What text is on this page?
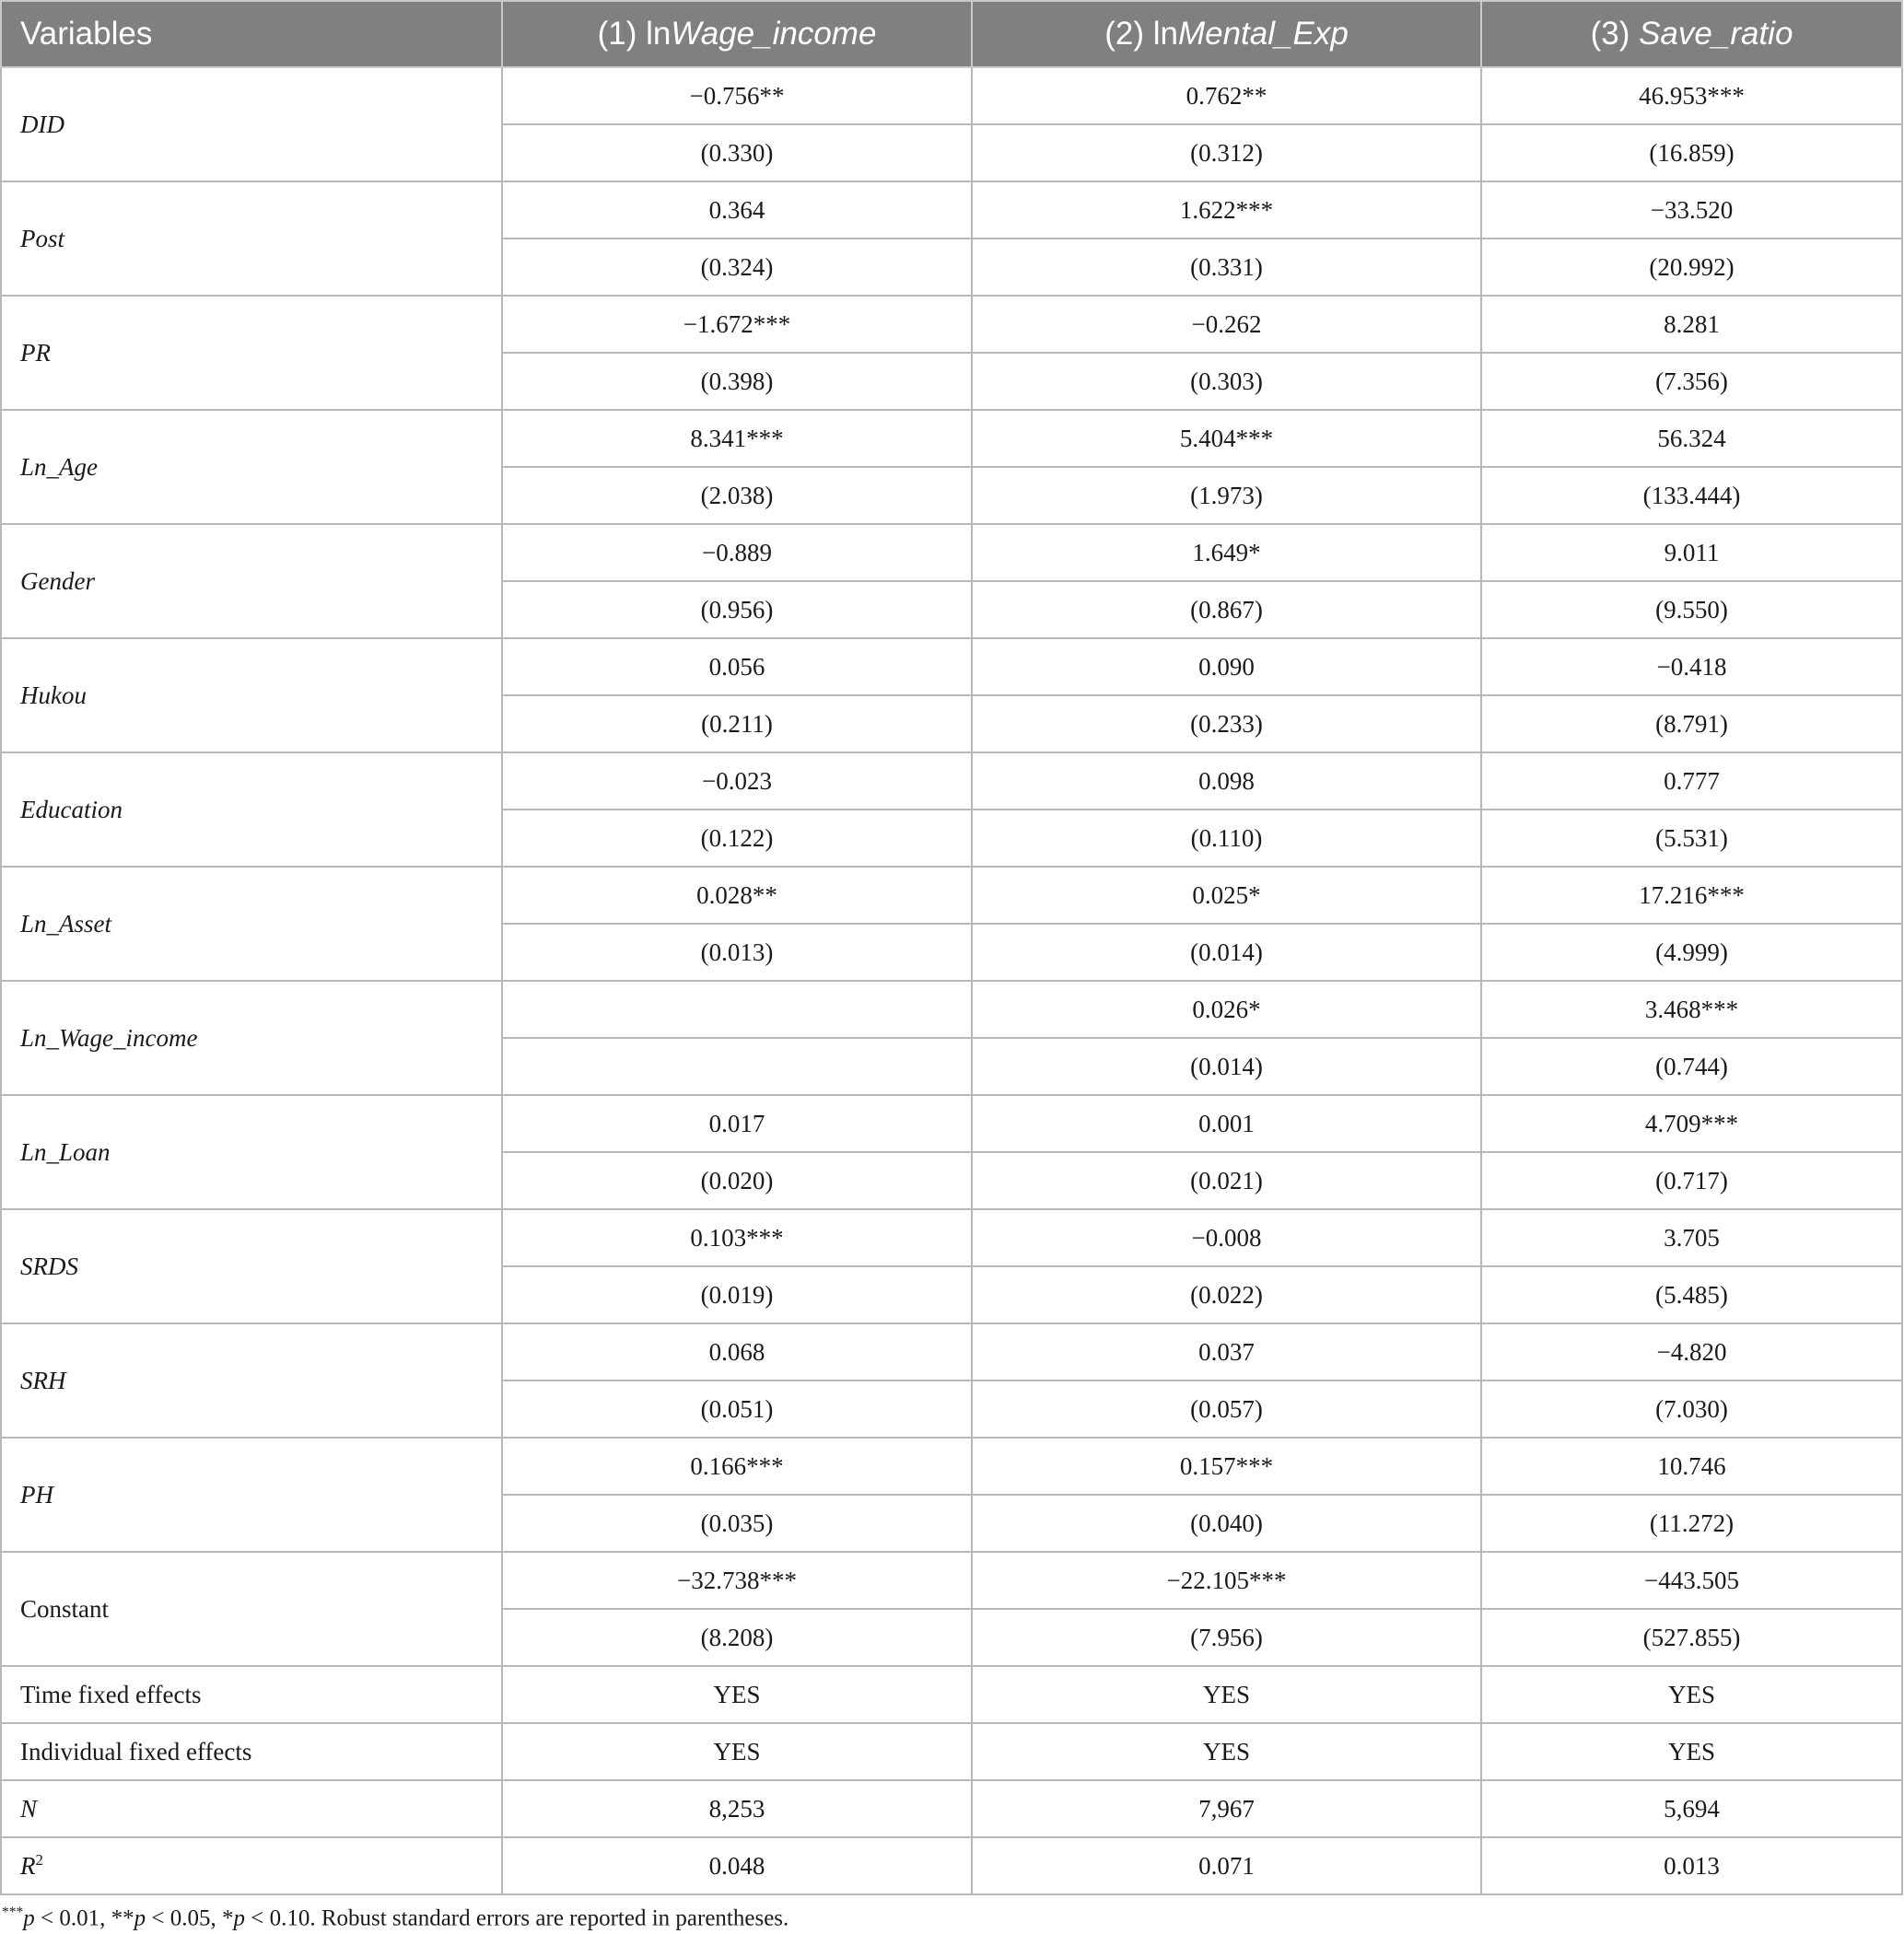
Variables	(1) lnWage_income	(2) lnMental_Exp	(3) Save_ratio
DID	−0.756**	0.762**	46.953***
	(0.330)	(0.312)	(16.859)
Post	0.364	1.622***	−33.520
	(0.324)	(0.331)	(20.992)
PR	−1.672***	−0.262	8.281
	(0.398)	(0.303)	(7.356)
Ln_Age	8.341***	5.404***	56.324
	(2.038)	(1.973)	(133.444)
Gender	−0.889	1.649*	9.011
	(0.956)	(0.867)	(9.550)
Hukou	0.056	0.090	−0.418
	(0.211)	(0.233)	(8.791)
Education	−0.023	0.098	0.777
	(0.122)	(0.110)	(5.531)
Ln_Asset	0.028**	0.025*	17.216***
	(0.013)	(0.014)	(4.999)
Ln_Wage_income		0.026*	3.468***
		(0.014)	(0.744)
Ln_Loan	0.017	0.001	4.709***
	(0.020)	(0.021)	(0.717)
SRDS	0.103***	−0.008	3.705
	(0.019)	(0.022)	(5.485)
SRH	0.068	0.037	−4.820
	(0.051)	(0.057)	(7.030)
PH	0.166***	0.157***	10.746
	(0.035)	(0.040)	(11.272)
Constant	−32.738***	−22.105***	−443.505
	(8.208)	(7.956)	(527.855)
Time fixed effects	YES	YES	YES
Individual fixed effects	YES	YES	YES
N	8,253	7,967	5,694
$R^2$	0.048	0.071	0.013
***p < 0.01, **p < 0.05, *p < 0.10. Robust standard errors are reported in parentheses.
